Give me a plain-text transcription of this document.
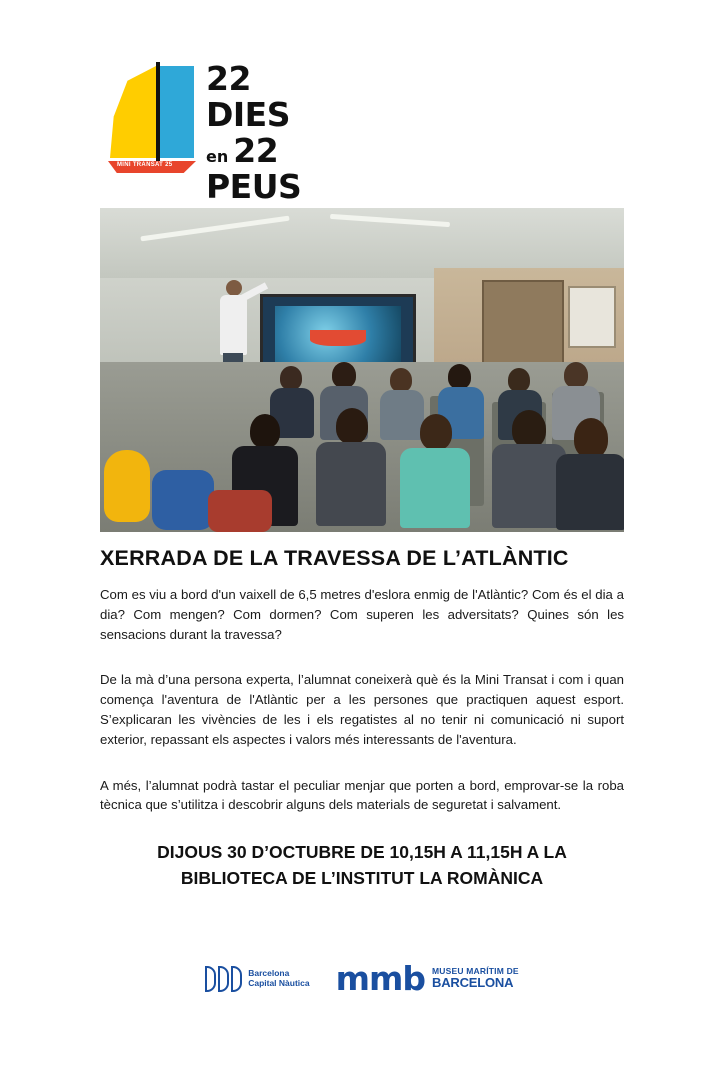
MINI TRANSAT 25
22
DIES
en 22
PEUS
XERRADA DE LA TRAVESSA DE L’ATLÀNTIC

Com es viu a bord d'un vaixell de 6,5 metres d'eslora enmig de l'Atlàntic? Com és el dia a dia? Com mengen? Com dormen? Com superen les adversitats? Quines són les sensacions durant la travessa?

De la mà d’una persona experta, l’alumnat coneixerà què és la Mini Transat i com i quan comença l'aventura de l'Atlàntic per a les persones que practiquen aquest esport. S’explicaran les vivències de les i els regatistes al no tenir ni comunicació ni suport exterior, repassant els aspectes i valors més interessants de l'aventura.

A més, l’alumnat podrà tastar el peculiar menjar que porten a bord, emprovar-se la roba tècnica que s’utilitza i descobrir alguns dels materials de seguretat i salvament.

DIJOUS 30 D’OCTUBRE DE 10,15H A 11,15H A LA
BIBLIOTECA DE L’INSTITUT LA ROMÀNICA
Barcelona
Capital Nàutica mmb MUSEU MARÍTIM DE
BARCELONA
